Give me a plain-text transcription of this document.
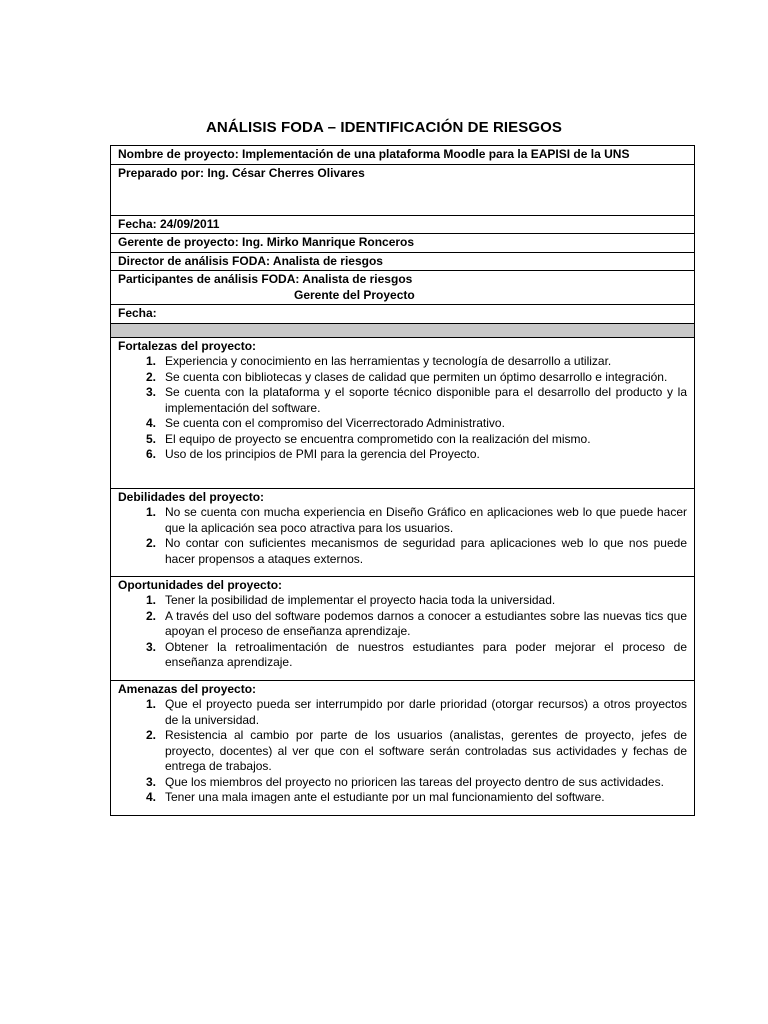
ANÁLISIS FODA – IDENTIFICACIÓN DE RIESGOS
Nombre de proyecto: Implementación de una plataforma Moodle para la EAPISI de la UNS
Preparado por: Ing. César Cherres Olivares
Fecha: 24/09/2011
Gerente de proyecto: Ing. Mirko Manrique Ronceros
Director de análisis FODA: Analista de riesgos
Participantes de análisis FODA: Analista de riesgos
Gerente del Proyecto

Fecha:

Fortalezas del proyecto:
1. Experiencia y conocimiento en las herramientas y tecnología de desarrollo a utilizar.
2. Se cuenta con bibliotecas y clases de calidad que permiten un óptimo desarrollo e integración.
3. Se cuenta con la plataforma y el soporte técnico disponible para el desarrollo del producto y la implementación del software.
4. Se cuenta con el compromiso del Vicerrectorado Administrativo.
5. El equipo de proyecto se encuentra comprometido con la realización del mismo.
6. Uso de los principios de PMI para la gerencia del Proyecto.

Debilidades del proyecto:
1. No se cuenta con mucha experiencia en Diseño Gráfico en aplicaciones web lo que puede hacer que la aplicación sea poco atractiva para los usuarios.
2. No contar con suficientes mecanismos de seguridad para aplicaciones web lo que nos puede hacer propensos a ataques externos.

Oportunidades del proyecto:
1. Tener la posibilidad de implementar el proyecto hacia toda la universidad.
2. A través del uso del software podemos darnos a conocer a estudiantes sobre las nuevas tics que apoyan el proceso de enseñanza aprendizaje.
3. Obtener la retroalimentación de nuestros estudiantes para poder mejorar el proceso de enseñanza aprendizaje.

Amenazas del proyecto:
1. Que el proyecto pueda ser interrumpido por darle prioridad (otorgar recursos) a otros proyectos de la universidad.
2. Resistencia al cambio por parte de los usuarios (analistas, gerentes de proyecto, jefes de proyecto, docentes) al ver que con el software serán controladas sus actividades y fechas de entrega de trabajos.
3. Que los miembros del proyecto no prioricen las tareas del proyecto dentro de sus actividades.
4. Tener una mala imagen ante el estudiante por un mal funcionamiento del software.
